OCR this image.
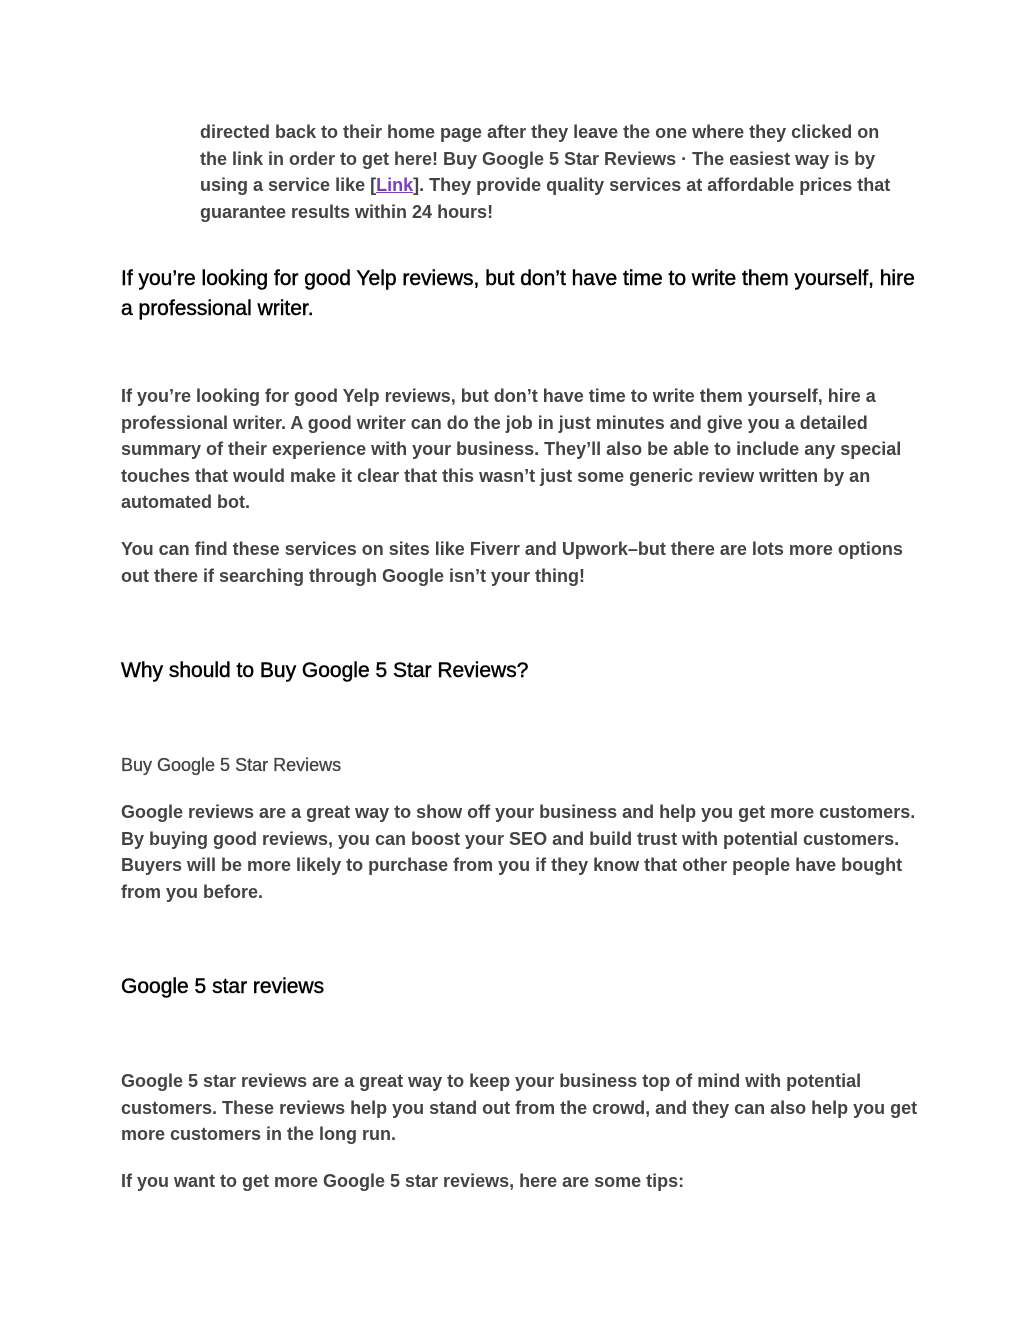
directed back to their home page after they leave the one where they clicked on the link in order to get here! Buy Google 5 Star Reviews · The easiest way is by using a service like [Link]. They provide quality services at affordable prices that guarantee results within 24 hours!

If you’re looking for good Yelp reviews, but don’t have time to write them yourself, hire a professional writer.

If you’re looking for good Yelp reviews, but don’t have time to write them yourself, hire a professional writer. A good writer can do the job in just minutes and give you a detailed summary of their experience with your business. They’ll also be able to include any special touches that would make it clear that this wasn’t just some generic review written by an automated bot.

You can find these services on sites like Fiverr and Upwork–but there are lots more options out there if searching through Google isn’t your thing!

Why should to Buy Google 5 Star Reviews?

Buy Google 5 Star Reviews

Google reviews are a great way to show off your business and help you get more customers. By buying good reviews, you can boost your SEO and build trust with potential customers. Buyers will be more likely to purchase from you if they know that other people have bought from you before.

Google 5 star reviews

Google 5 star reviews are a great way to keep your business top of mind with potential customers. These reviews help you stand out from the crowd, and they can also help you get more customers in the long run.

If you want to get more Google 5 star reviews, here are some tips:
